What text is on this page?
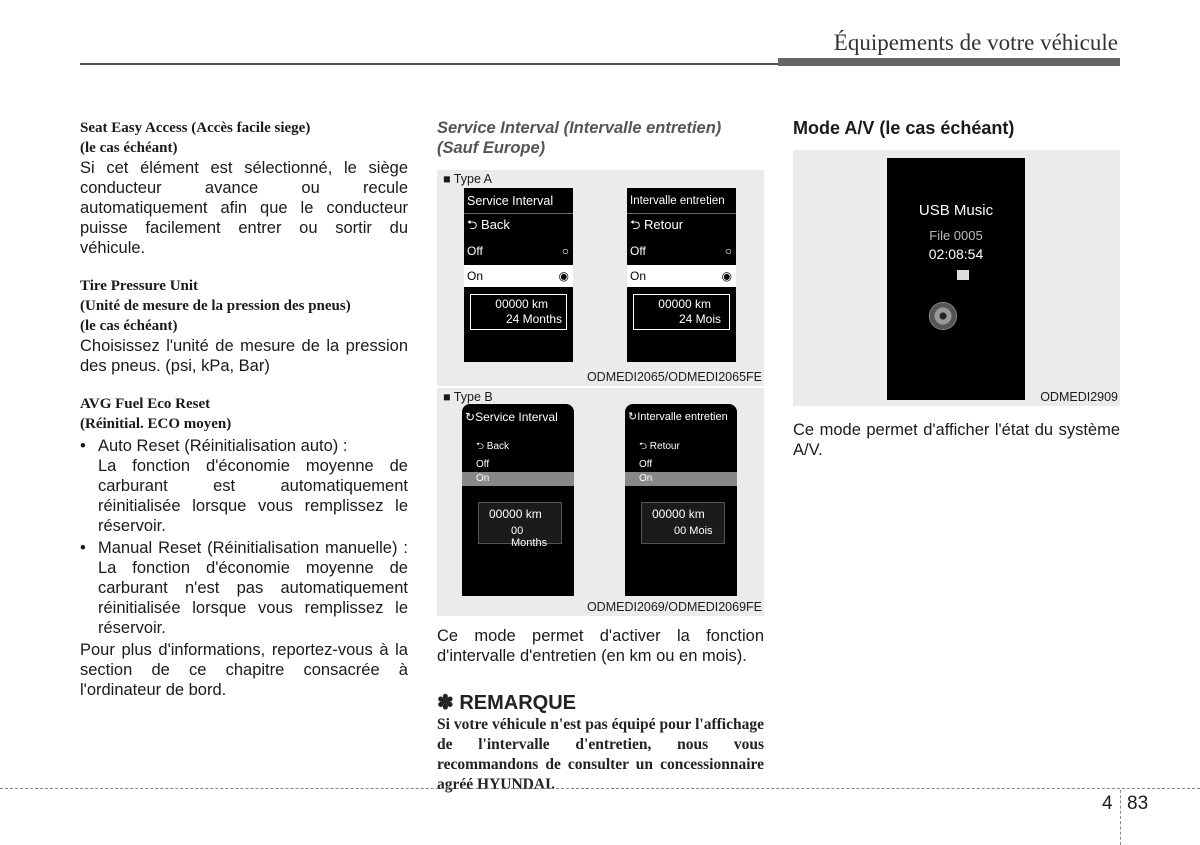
Équipements de votre véhicule
Seat Easy Access (Accès facile siege)
(le cas échéant)
Si cet élément est sélectionné, le siège conducteur avance ou recule automatiquement afin que le conducteur puisse facilement entrer ou sortir du véhicule.
Tire Pressure Unit
(Unité de mesure de la pression des pneus)
(le cas échéant)
Choisissez l'unité de mesure de la pression des pneus. (psi, kPa, Bar)
AVG Fuel Eco Reset
(Réinitial. ECO moyen)
• Auto Reset (Réinitialisation auto) :
La fonction d'économie moyenne de carburant est automatiquement réinitialisée lorsque vous remplissez le réservoir.
• Manual Reset (Réinitialisation manuelle) : La fonction d'économie moyenne de carburant n'est pas automatiquement réinitialisée lorsque vous remplissez le réservoir.
Pour plus d'informations, reportez-vous à la section de ce chapitre consacrée à l'ordinateur de bord.
Service Interval (Intervalle entretien) (Sauf Europe)
■ Type A
Service Interval
⮌ Back
Off	○
On	◉
00000 km
24 Months
Intervalle entretien
⮌ Retour
Off	○
On	◉
00000 km
24 Mois
ODMEDI2065/ODMEDI2065FE
■ Type B
↻Service Interval
⮌ Back
Off
On
00000 km
00 Months
↻Intervalle entretien
⮌ Retour
Off
On
00000 km
00 Mois
ODMEDI2069/ODMEDI2069FE
Ce mode permet d'activer la fonction d'intervalle d'entretien (en km ou en mois).
✽ REMARQUE
Si votre véhicule n'est pas équipé pour l'affichage de l'intervalle d'entretien, nous vous recommandons de consulter un concessionnaire agréé HYUNDAI.
Mode A/V (le cas échéant)
USB Music
File 0005
02:08:54
ODMEDI2909
Ce mode permet d'afficher l'état du système A/V.
4 83
